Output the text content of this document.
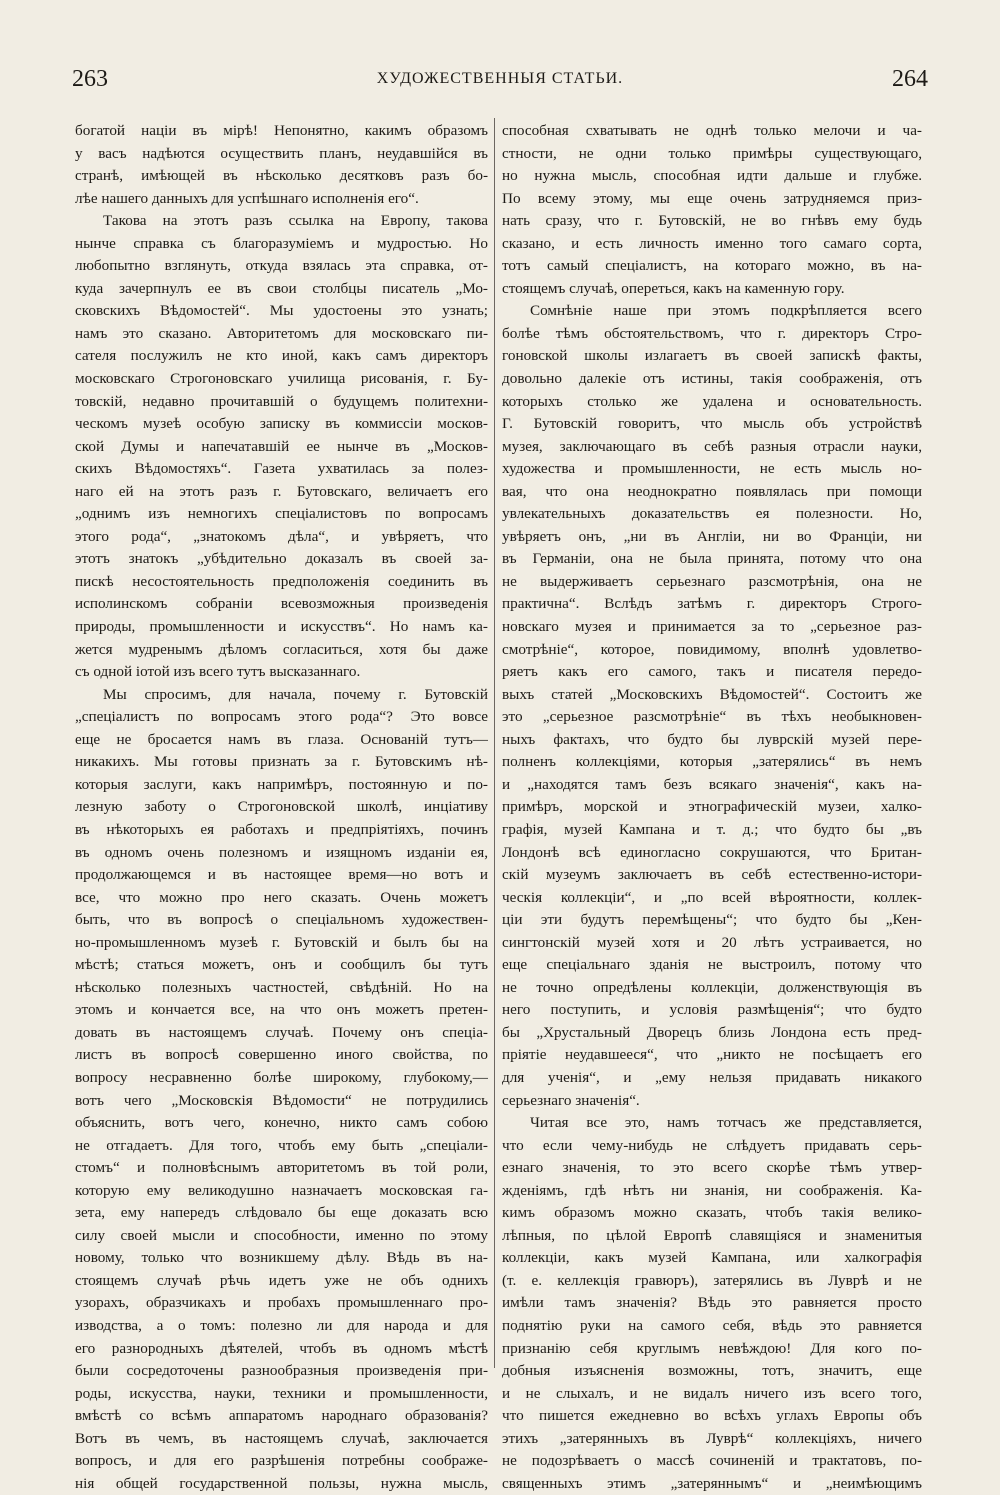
263	ХУДОЖЕСТВЕННЫЯ СТАТЬИ.	264
богатой націи въ мірѣ! Непонятно, какимъ образомъ
у васъ надѣются осуществить планъ, неудавшійся въ
странѣ, имѣющей въ нѣсколько десятковъ разъ бо-
лѣе нашего данныхъ для успѣшнаго исполненія его“.
Такова на этотъ разъ ссылка на Европу, такова
нынче справка съ благоразуміемъ и мудростью. Но
любопытно взглянуть, откуда взялась эта справка, от-
куда зачерпнулъ ее въ свои столбцы писатель „Мо-
сковскихъ Вѣдомостей“. Мы удостоены это узнать;
намъ это сказано. Авторитетомъ для московскаго пи-
сателя послужилъ не кто иной, какъ самъ директоръ
московскаго Строгоновскаго училища рисованія, г. Бу-
товскій, недавно прочитавшій о будущемъ политехни-
ческомъ музеѣ особую записку въ коммиссіи москов-
ской Думы и напечатавшій ее нынче въ „Москов-
скихъ Вѣдомостяхъ“. Газета ухватилась за полез-
наго ей на этотъ разъ г. Бутовскаго, величаетъ его
„однимъ изъ немногихъ спеціалистовъ по вопросамъ
этого рода“, „знатокомъ дѣла“, и увѣряетъ, что
этотъ знатокъ „убѣдительно доказалъ въ своей за-
пискѣ несостоятельность предположенія соединить въ
исполинскомъ собраніи всевозможныя произведенія
природы, промышленности и искусствъ“. Но намъ ка-
жется мудренымъ дѣломъ согласиться, хотя бы даже
съ одной іотой изъ всего тутъ высказаннаго.
Мы спросимъ, для начала, почему г. Бутовскій
„спеціалистъ по вопросамъ этого рода“? Это вовсе
еще не бросается намъ въ глаза. Основаній тутъ—
никакихъ. Мы готовы признать за г. Бутовскимъ нѣ-
которыя заслуги, какъ напримѣръ, постоянную и по-
лезную заботу о Строгоновской школѣ, инціативу
въ нѣкоторыхъ ея работахъ и предпріятіяхъ, починъ
въ одномъ очень полезномъ и изящномъ изданіи ея,
продолжающемся и въ настоящее время—но вотъ и
все, что можно про него сказать. Очень можетъ
быть, что въ вопросѣ о спеціальномъ художествен-
но-промышленномъ музеѣ г. Бутовскій и былъ бы на
мѣстѣ; статься можетъ, онъ и сообщилъ бы тутъ
нѣсколько полезныхъ частностей, свѣдѣній. Но на
этомъ и кончается все, на что онъ можетъ претен-
довать въ настоящемъ случаѣ. Почему онъ спеціа-
листъ въ вопросѣ совершенно иного свойства, по
вопросу несравненно болѣе широкому, глубокому,—
вотъ чего „Московскія Вѣдомости“ не потрудились
объяснить, вотъ чего, конечно, никто самъ собою
не отгадаетъ. Для того, чтобъ ему быть „спеціали-
стомъ“ и полновѣснымъ авторитетомъ въ той роли,
которую ему великодушно назначаетъ московская га-
зета, ему напередъ слѣдовало бы еще доказать всю
силу своей мысли и способности, именно по этому
новому, только что возникшему дѣлу. Вѣдь въ на-
стоящемъ случаѣ рѣчь идетъ уже не объ однихъ
узорахъ, образчикахъ и пробахъ промышленнаго про-
изводства, а о томъ: полезно ли для народа и для
его разнородныхъ дѣятелей, чтобъ въ одномъ мѣстѣ
были сосредоточены разнообразныя произведенія при-
роды, искусства, науки, техники и промышленности,
вмѣстѣ со всѣмъ аппаратомъ народнаго образованія?
Вотъ въ чемъ, въ настоящемъ случаѣ, заключается
вопросъ, и для его разрѣшенія потребны соображе-
нія общей государственной пользы, нужна мысль,
способная схватывать не однѣ только мелочи и ча-
стности, не одни только примѣры существующаго,
но нужна мысль, способная идти дальше и глубже.
По всему этому, мы еще очень затрудняемся приз-
нать сразу, что г. Бутовскій, не во гнѣвъ ему будь
сказано, и есть личность именно того самаго сорта,
тотъ самый спеціалистъ, на котораго можно, въ на-
стоящемъ случаѣ, опереться, какъ на каменную гору.
Сомнѣніе наше при этомъ подкрѣпляется всего
болѣе тѣмъ обстоятельствомъ, что г. директоръ Стро-
гоновской школы излагаетъ въ своей запискѣ факты,
довольно далекіе отъ истины, такія соображенія, отъ
которыхъ столько же удалена и основательность.
Г. Бутовскій говоритъ, что мысль объ устройствѣ
музея, заключающаго въ себѣ разныя отрасли науки,
художества и промышленности, не есть мысль но-
вая, что она неоднократно появлялась при помощи
увлекательныхъ доказательствъ ея полезности. Но,
увѣряетъ онъ, „ни въ Англіи, ни во Франціи, ни
въ Германіи, она не была принята, потому что она
не выдерживаетъ серьезнаго разсмотрѣнія, она не
практична“. Вслѣдъ затѣмъ г. директоръ Строго-
новскаго музея и принимается за то „серьезное раз-
смотрѣніе“, которое, повидимому, вполнѣ удовлетво-
ряетъ какъ его самого, такъ и писателя передо-
выхъ статей „Московскихъ Вѣдомостей“. Состоитъ же
это „серьезное разсмотрѣніе“ въ тѣхъ необыкновен-
ныхъ фактахъ, что будто бы луврскій музей пере-
полненъ коллекціями, которыя „затерялись“ въ немъ
и „находятся тамъ безъ всякаго значенія“, какъ на-
примѣръ, морской и этнографическій музеи, халко-
графія, музей Кампана и т. д.; что будто бы „въ
Лондонѣ всѣ единогласно сокрушаются, что Британ-
скій музеумъ заключаетъ въ себѣ естественно-истори-
ческія коллекціи“, и „по всей вѣроятности, коллек-
ціи эти будутъ перемѣщены“; что будто бы „Кен-
сингтонскій музей хотя и 20 лѣтъ устраивается, но
еще спеціальнаго зданія не выстроилъ, потому что
не точно опредѣлены коллекціи, долженствующія въ
него поступить, и условія размѣщенія“; что будто
бы „Хрустальный Дворецъ близь Лондона есть пред-
пріятіе неудавшееся“, что „никто не посѣщаетъ его
для ученія“, и „ему нельзя придавать никакого
серьезнаго значенія“.
Читая все это, намъ тотчасъ же представляется,
что если чему-нибудь не слѣдуетъ придавать серь-
езнаго значенія, то это всего скорѣе тѣмъ утвер-
жденіямъ, гдѣ нѣтъ ни знанія, ни соображенія. Ка-
кимъ образомъ можно сказать, чтобъ такія велико-
лѣпныя, по цѣлой Европѣ славящіяся и знаменитыя
коллекціи, какъ музей Кампана, или халкографія
(т. е. келлекція гравюръ), затерялись въ Луврѣ и не
имѣли тамъ значенія? Вѣдь это равняется просто
поднятію руки на самого себя, вѣдь это равняется
признанію себя круглымъ невѣждою! Для кого по-
добныя изъясненія возможны, тотъ, значитъ, еще
и не слыхалъ, и не видалъ ничего изъ всего того,
что пишется ежедневно во всѣхъ углахъ Европы объ
этихъ „затерянныхъ въ Луврѣ“ коллекціяхъ, ничего
не подозрѣваетъ о массѣ сочиненій и трактатовъ, по-
священныхъ этимъ „затеряннымъ“ и „неимѣющимъ
